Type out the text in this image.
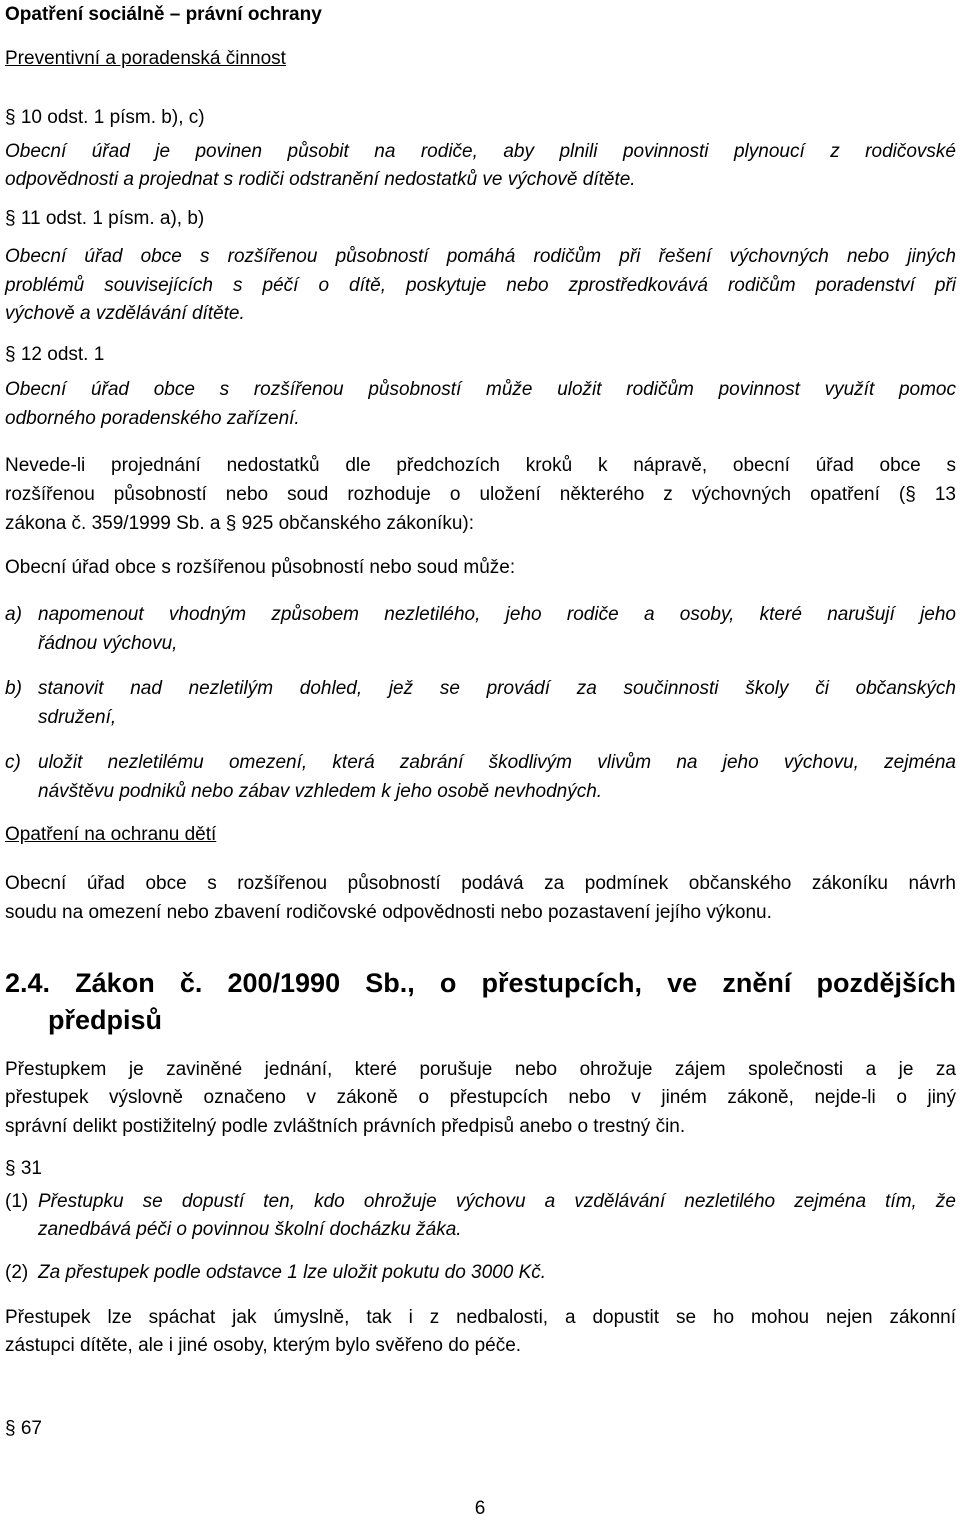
Opatření sociálně – právní ochrany
Preventivní a poradenská činnost
§ 10 odst. 1 písm. b), c)
Obecní úřad je povinen působit na rodiče, aby plnili povinnosti plynoucí z rodičovské
odpovědnosti a projednat s rodiči odstranění nedostatků ve výchově dítěte.
§ 11 odst. 1 písm. a), b)
Obecní úřad obce s rozšířenou působností pomáhá rodičům při řešení výchovných nebo jiných
problémů souvisejících s péčí o dítě, poskytuje nebo zprostředkovává rodičům poradenství při
výchově a vzdělávání dítěte.
§ 12 odst. 1
Obecní úřad obce s rozšířenou působností může uložit rodičům povinnost využít pomoc
odborného poradenského zařízení.
Nevede-li projednání nedostatků dle předchozích kroků k nápravě, obecní úřad obce s
rozšířenou působností nebo soud rozhoduje o uložení některého z výchovných opatření (§ 13
zákona č. 359/1999 Sb. a § 925 občanského zákoníku):
Obecní úřad obce s rozšířenou působností nebo soud může:
a) napomenout vhodným způsobem nezletilého, jeho rodiče a osoby, které narušují jeho
řádnou výchovu,
b) stanovit nad nezletilým dohled, jež se provádí za součinnosti školy či občanských
sdružení,
c) uložit nezletilému omezení, která zabrání škodlivým vlivům na jeho výchovu, zejména
návštěvu podniků nebo zábav vzhledem k jeho osobě nevhodných.
Opatření na ochranu dětí
Obecní úřad obce s rozšířenou působností podává za podmínek občanského zákoníku návrh
soudu na omezení nebo zbavení rodičovské odpovědnosti nebo pozastavení jejího výkonu.
2.4. Zákon č. 200/1990 Sb., o přestupcích, ve znění pozdějších
předpisů
Přestupkem je zaviněné jednání, které porušuje nebo ohrožuje zájem společnosti a je za
přestupek výslovně označeno v zákoně o přestupcích nebo v jiném zákoně, nejde-li o jiný
správní delikt postižitelný podle zvláštních právních předpisů anebo o trestný čin.
§ 31
(1) Přestupku se dopustí ten, kdo ohrožuje výchovu a vzdělávání nezletilého zejména tím, že
zanedbává péči o povinnou školní docházku žáka.
(2) Za přestupek podle odstavce 1 lze uložit pokutu do 3000 Kč.
Přestupek lze spáchat jak úmyslně, tak i z nedbalosti, a dopustit se ho mohou nejen zákonní
zástupci dítěte, ale i jiné osoby, kterým bylo svěřeno do péče.
§ 67
6
